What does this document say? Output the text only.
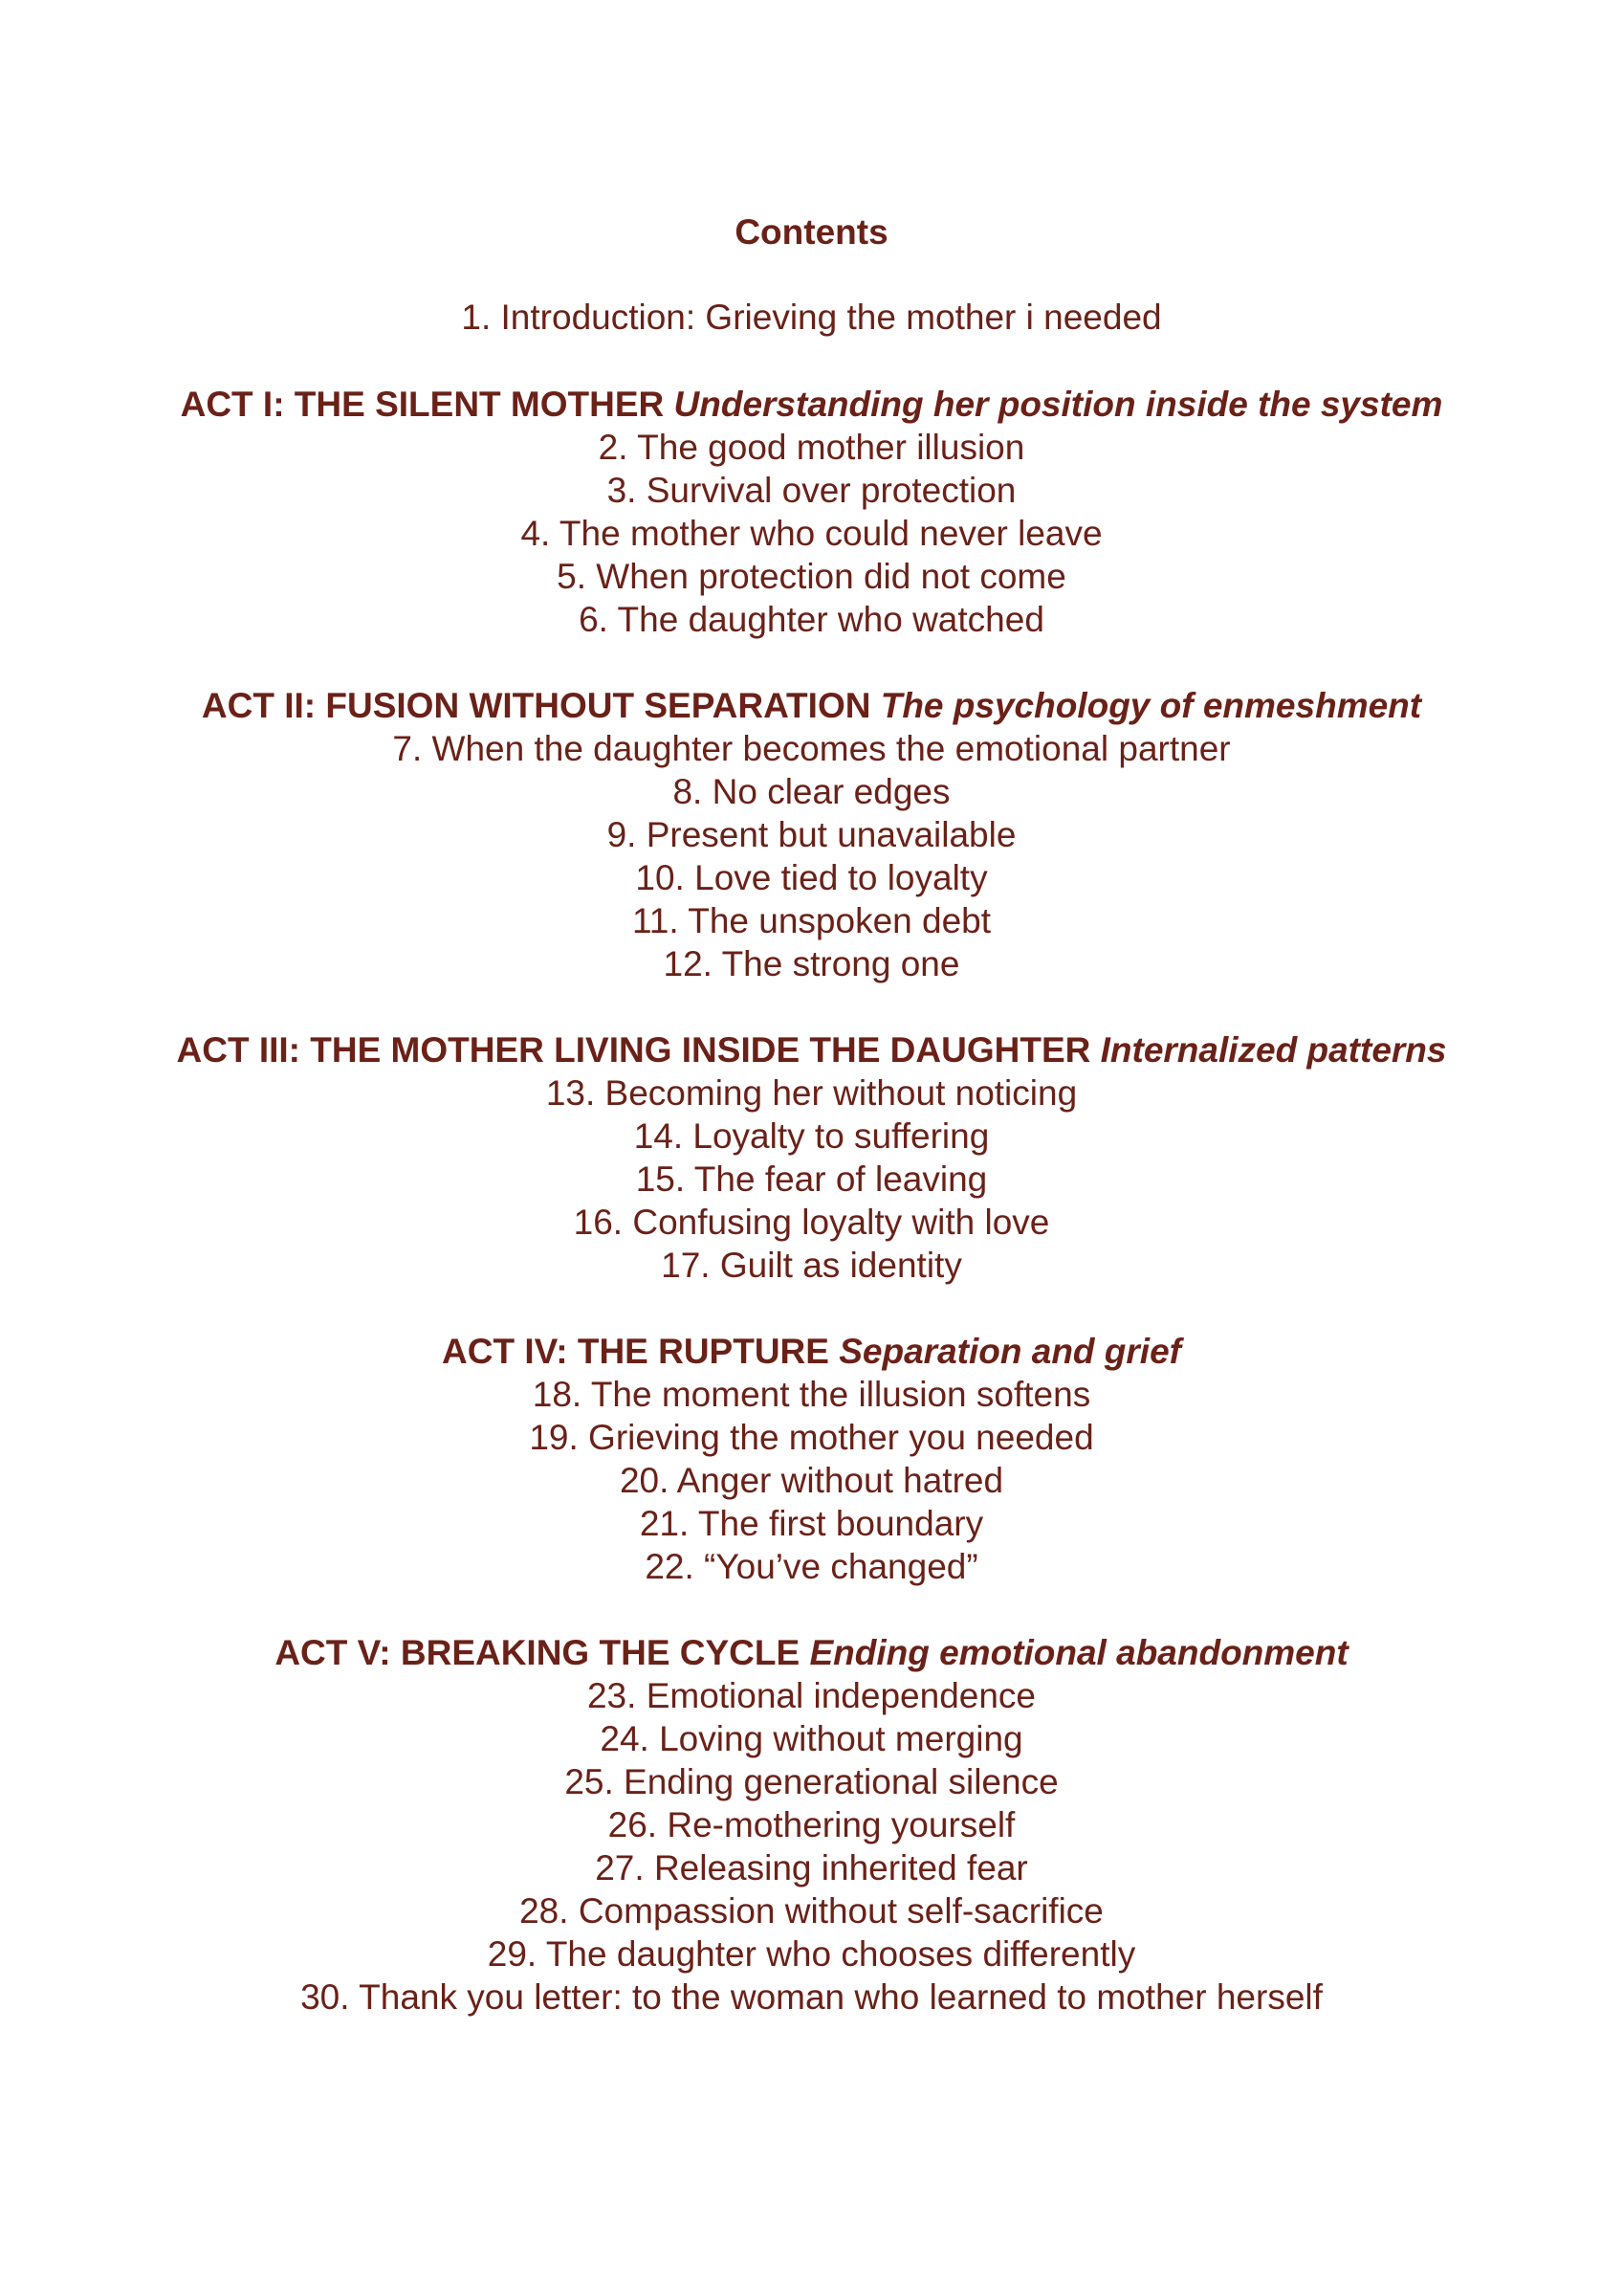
Contents
1. Introduction: Grieving the mother i needed
ACT I: THE SILENT MOTHER Understanding her position inside the system
2. The good mother illusion
3. Survival over protection
4. The mother who could never leave
5. When protection did not come
6. The daughter who watched
ACT II: FUSION WITHOUT SEPARATION The psychology of enmeshment
7. When the daughter becomes the emotional partner
8. No clear edges
9. Present but unavailable
10. Love tied to loyalty
11. The unspoken debt
12. The strong one
ACT III: THE MOTHER LIVING INSIDE THE DAUGHTER Internalized patterns
13. Becoming her without noticing
14. Loyalty to suffering
15. The fear of leaving
16. Confusing loyalty with love
17. Guilt as identity
ACT IV: THE RUPTURE Separation and grief
18. The moment the illusion softens
19. Grieving the mother you needed
20. Anger without hatred
21. The first boundary
22. “You’ve changed”
ACT V: BREAKING THE CYCLE Ending emotional abandonment
23. Emotional independence
24. Loving without merging
25. Ending generational silence
26. Re-mothering yourself
27. Releasing inherited fear
28. Compassion without self-sacrifice
29. The daughter who chooses differently
30. Thank you letter: to the woman who learned to mother herself
